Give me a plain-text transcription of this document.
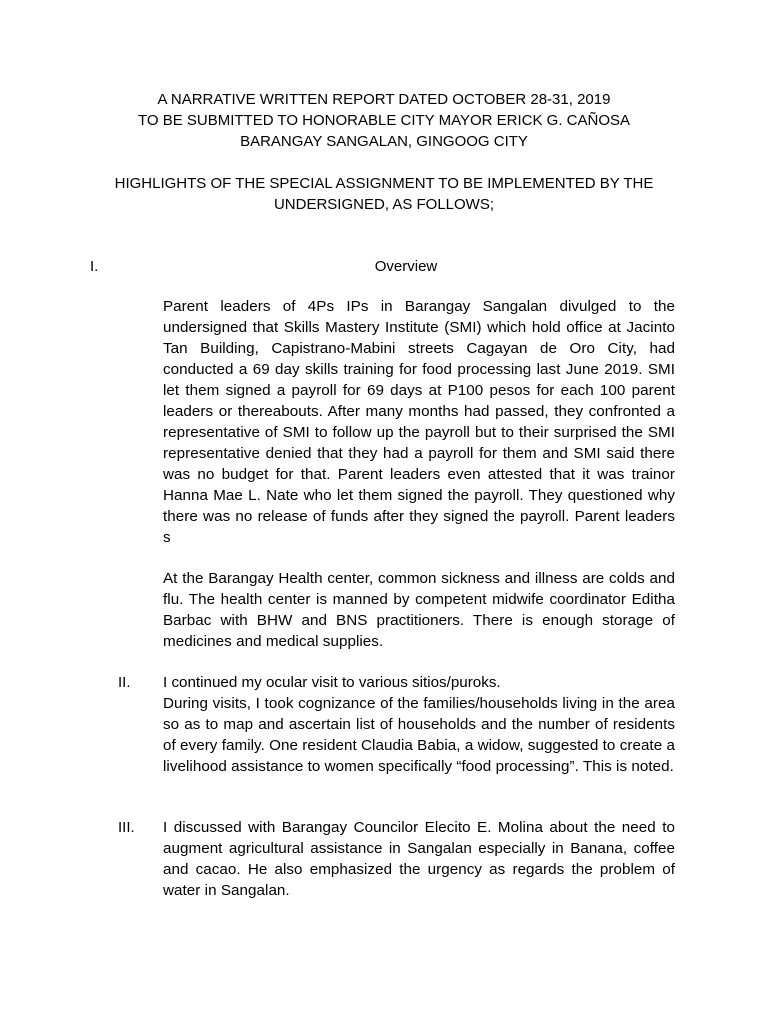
A NARRATIVE WRITTEN REPORT DATED OCTOBER 28-31, 2019
TO BE SUBMITTED TO HONORABLE CITY MAYOR ERICK G. CAÑOSA
BARANGAY SANGALAN, GINGOOG CITY
HIGHLIGHTS OF THE SPECIAL ASSIGNMENT TO BE IMPLEMENTED BY THE
UNDERSIGNED, AS FOLLOWS;
I.	Overview
Parent leaders of 4Ps IPs in Barangay Sangalan divulged to the undersigned that Skills Mastery Institute (SMI) which hold office at Jacinto Tan Building, Capistrano-Mabini streets Cagayan de Oro City, had conducted a 69 day skills training for food processing last June 2019. SMI let them signed a payroll for 69 days at P100 pesos for each 100 parent leaders or thereabouts. After many months had passed, they confronted a representative of SMI to follow up the payroll but to their surprised the SMI representative denied that they had a payroll for them and SMI said there was no budget for that. Parent leaders even attested that it was trainor Hanna Mae L. Nate who let them signed the payroll. They questioned why there was no release of funds after they signed the payroll. Parent leaders s
At the Barangay Health center, common sickness and illness are colds and flu. The health center is manned by competent midwife coordinator Editha Barbac with BHW and BNS practitioners. There is enough storage of medicines and medical supplies.
II. I continued my ocular visit to various sitios/puroks.
During visits, I took cognizance of the families/households living in the area so as to map and ascertain list of households and the number of residents of every family. One resident Claudia Babia, a widow, suggested to create a livelihood assistance to women specifically “food processing”. This is noted.
III. I discussed with Barangay Councilor Elecito E. Molina about the need to augment agricultural assistance in Sangalan especially in Banana, coffee and cacao. He also emphasized the urgency as regards the problem of water in Sangalan.
